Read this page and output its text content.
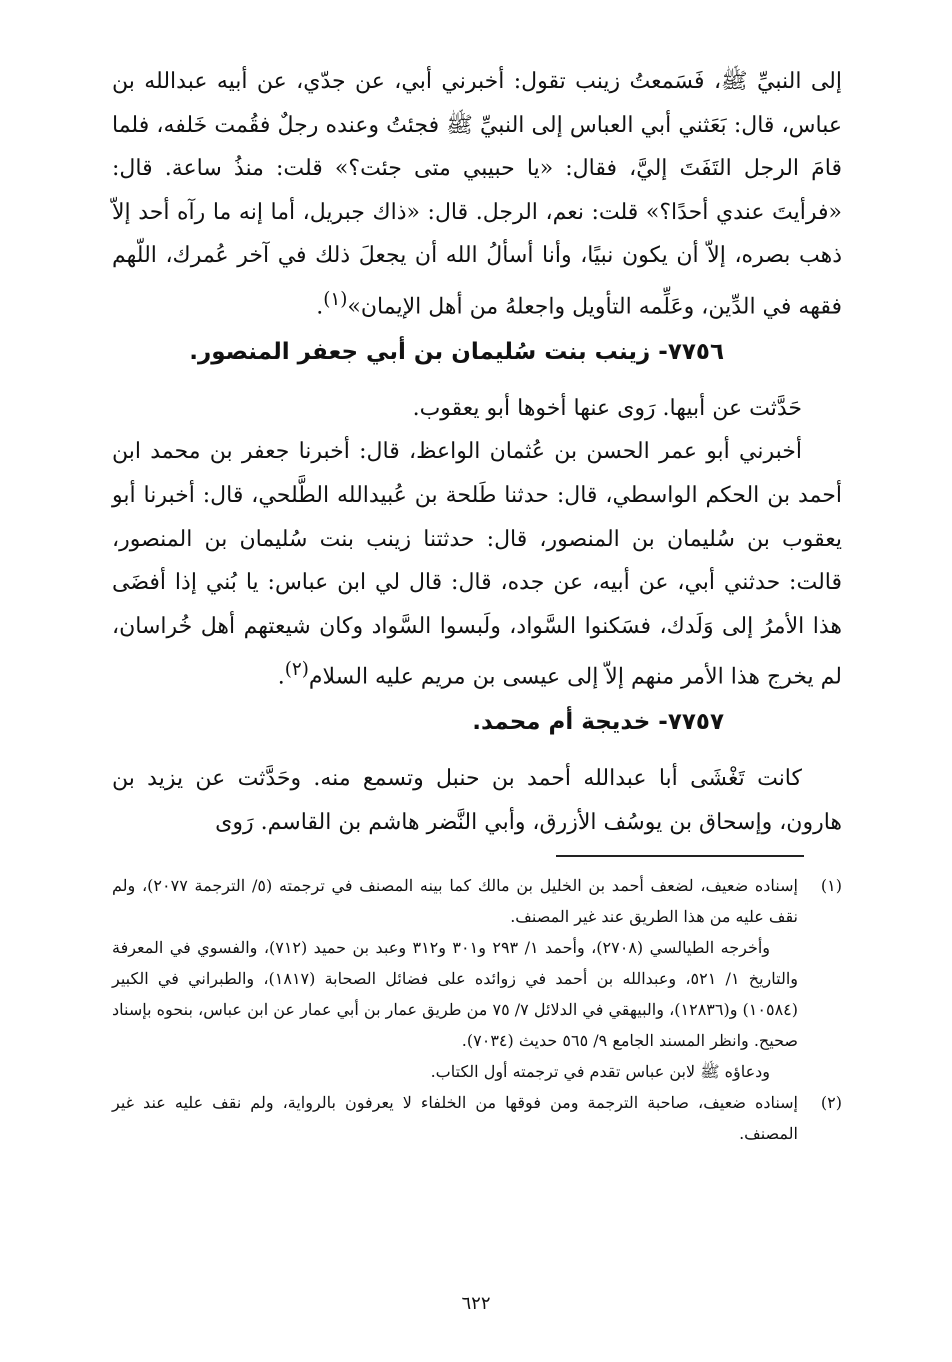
إلى النبيِّ ﷺ، فَسَمعتُ زينب تقول: أخبرني أبي، عن جدّي، عن أبيه عبدالله بن عباس، قال: بَعَثني أبي العباس إلى النبيِّ ﷺ فجئتُ وعنده رجلٌ فقُمت خَلفه، فلما قامَ الرجل التَفَتَ إليَّ، فقال: «يا حبيبي متى جئت؟» قلت: منذُ ساعة. قال: «فرأيتَ عندي أحدًا؟» قلت: نعم، الرجل. قال: «ذاك جبريل، أما إنه ما رآه أحد إلاّ ذهب بصره، إلاّ أن يكون نبيًا، وأنا أسألُ الله أن يجعلَ ذلك في آخر عُمرك، اللّهم فقهه في الدِّين، وعَلِّمه التأويل واجعلهُ من أهل الإيمان»$^{(١)}$.

٧٧٥٦- زينب بنت سُليمان بن أبي جعفر المنصور.

حَدَّثت عن أبيها. رَوى عنها أخوها أبو يعقوب.

أخبرني أبو عمر الحسن بن عُثمان الواعظ، قال: أخبرنا جعفر بن محمد ابن أحمد بن الحكم الواسطي، قال: حدثنا طَلحة بن عُبيدالله الطَّلحي، قال: أخبرنا أبو يعقوب بن سُليمان بن المنصور، قال: حدثتنا زينب بنت سُليمان بن المنصور، قالت: حدثني أبي، عن أبيه، عن جده، قال: قال لي ابن عباس: يا بُني إذا أفضَى هذا الأمرُ إلى وَلَدك، فسَكنوا السَّواد، ولَبسوا السَّواد وكان شيعتهم أهل خُراسان، لم يخرج هذا الأمر منهم إلاّ إلى عيسى بن مريم عليه السلام$^{(٢)}$.

٧٧٥٧- خديجة أم محمد.

كانت تَغْشَى أبا عبدالله أحمد بن حنبل وتسمع منه. وحَدَّثت عن يزيد بن هارون، وإسحاق بن يوسُف الأزرق، وأبي النَّضر هاشم بن القاسم. رَوى

(١)

إسناده ضعيف، لضعف أحمد بن الخليل بن مالك كما بينه المصنف في ترجمته (٥/ الترجمة ٢٠٧٧)، ولم نقف عليه من هذا الطريق عند غير المصنف.

وأخرجه الطيالسي (٢٧٠٨)، وأحمد ١/ ٢٩٣ و٣٠١ و٣١٢ وعبد بن حميد (٧١٢)، والفسوي في المعرفة والتاريخ ١/ ٥٢١، وعبدالله بن أحمد في زوائده على فضائل الصحابة (١٨١٧)، والطبراني في الكبير (١٠٥٨٤) و(١٢٨٣٦)، والبيهقي في الدلائل ٧/ ٧٥ من طريق عمار بن أبي عمار عن ابن عباس، بنحوه بإسناد صحيح. وانظر المسند الجامع ٩/ ٥٦٥ حديث (٧٠٣٤).

ودعاؤه ﷺ لابن عباس تقدم في ترجمته أول الكتاب.

(٢)

إسناده ضعيف، صاحبة الترجمة ومن فوقها من الخلفاء لا يعرفون بالرواية، ولم نقف عليه عند غير المصنف.

٦٢٢
